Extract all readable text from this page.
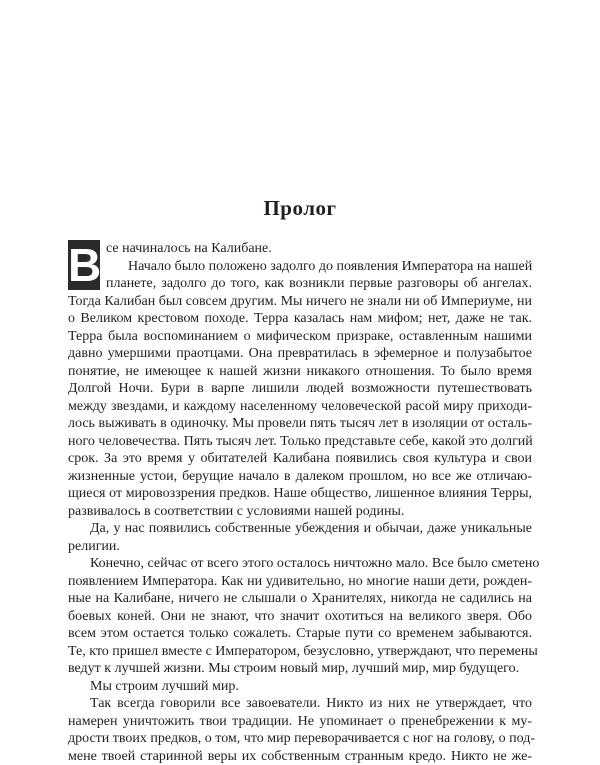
Пролог
В се начиналось на Калибане.
Начало было положено задолго до появления Императора на нашей
планете, задолго до того, как возникли первые разговоры об ангелах.
Тогда Калибан был совсем другим. Мы ничего не знали ни об Империуме, ни
о Великом крестовом походе. Терра казалась нам мифом; нет, даже не так.
Терра была воспоминанием о мифическом призраке, оставленным нашими
давно умершими праотцами. Она превратилась в эфемерное и полузабытое
понятие, не имеющее к нашей жизни никакого отношения. То было время
Долгой Ночи. Бури в варпе лишили людей возможности путешествовать
между звездами, и каждому населенному человеческой расой миру приходи-
лось выживать в одиночку. Мы провели пять тысяч лет в изоляции от осталь-
ного человечества. Пять тысяч лет. Только представьте себе, какой это долгий
срок. За это время у обитателей Калибана появились своя культура и свои
жизненные устои, берущие начало в далеком прошлом, но все же отличаю-
щиеся от мировоззрения предков. Наше общество, лишенное влияния Терры,
развивалось в соответствии с условиями нашей родины.
Да, у нас появились собственные убеждения и обычаи, даже уникальные
религии.
Конечно, сейчас от всего этого осталось ничтожно мало. Все было сметено
появлением Императора. Как ни удивительно, но многие наши дети, рожден-
ные на Калибане, ничего не слышали о Хранителях, никогда не садились на
боевых коней. Они не знают, что значит охотиться на великого зверя. Обо
всем этом остается только сожалеть. Старые пути со временем забываются.
Те, кто пришел вместе с Императором, безусловно, утверждают, что перемены
ведут к лучшей жизни. Мы строим новый мир, лучший мир, мир будущего.
Мы строим лучший мир.
Так всегда говорили все завоеватели. Никто из них не утверждает, что
намерен уничтожить твои традиции. Не упоминает о пренебрежении к му-
дрости твоих предков, о том, что мир переворачивается с ног на голову, о под-
мене твоей старинной веры их собственным странным кредо. Никто не же-
